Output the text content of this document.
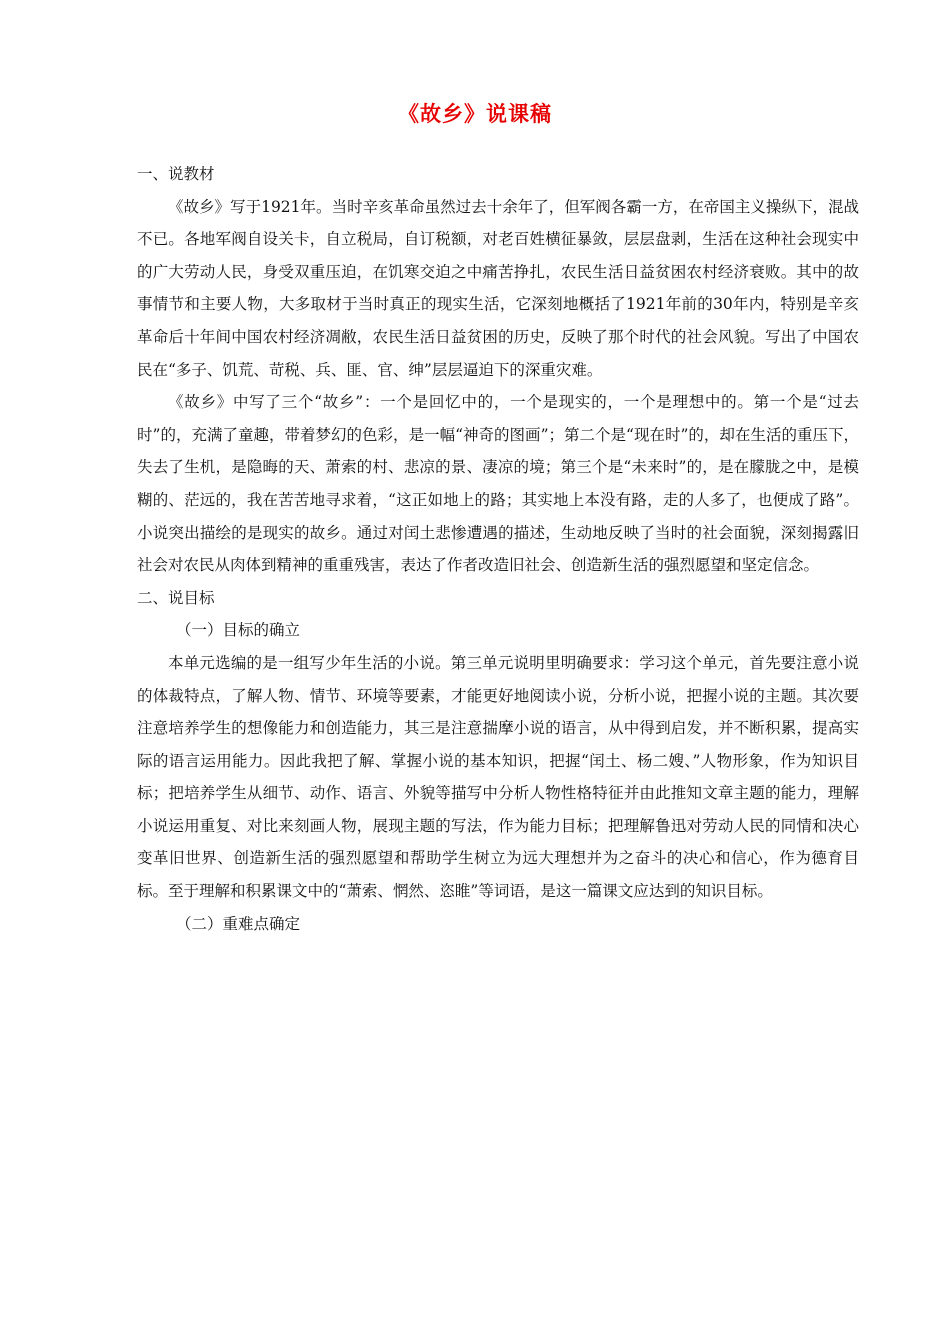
《故乡》说课稿

一、说教材

《故乡》写于1921年。当时辛亥革命虽然过去十余年了，但军阀各霸一方，在帝国主义操纵下，混战不已。各地军阀自设关卡，自立税局，自订税额，对老百姓横征暴敛，层层盘剥，生活在这种社会现实中的广大劳动人民，身受双重压迫，在饥寒交迫之中痛苦挣扎，农民生活日益贫困农村经济衰败。其中的故事情节和主要人物，大多取材于当时真正的现实生活，它深刻地概括了1921年前的30年内，特别是辛亥革命后十年间中国农村经济凋敝，农民生活日益贫困的历史，反映了那个时代的社会风貌。写出了中国农民在“多子、饥荒、苛税、兵、匪、官、绅”层层逼迫下的深重灾难。

《故乡》中写了三个“故乡”：一个是回忆中的，一个是现实的，一个是理想中的。第一个是“过去时”的，充满了童趣，带着梦幻的色彩，是一幅“神奇的图画”；第二个是“现在时”的，却在生活的重压下，失去了生机，是隐晦的天、萧索的村、悲凉的景、凄凉的境；第三个是“未来时”的，是在朦胧之中，是模糊的、茫远的，我在苦苦地寻求着，“这正如地上的路；其实地上本没有路，走的人多了，也便成了路”。小说突出描绘的是现实的故乡。通过对闰土悲惨遭遇的描述，生动地反映了当时的社会面貌，深刻揭露旧社会对农民从肉体到精神的重重残害，表达了作者改造旧社会、创造新生活的强烈愿望和坚定信念。

二、说目标

（一）目标的确立

本单元选编的是一组写少年生活的小说。第三单元说明里明确要求：学习这个单元，首先要注意小说的体裁特点，了解人物、情节、环境等要素，才能更好地阅读小说，分析小说，把握小说的主题。其次要注意培养学生的想像能力和创造能力，其三是注意揣摩小说的语言，从中得到启发，并不断积累，提高实际的语言运用能力。因此我把了解、掌握小说的基本知识，把握“闰土、杨二嫂、”人物形象，作为知识目标；把培养学生从细节、动作、语言、外貌等描写中分析人物性格特征并由此推知文章主题的能力，理解小说运用重复、对比来刻画人物，展现主题的写法，作为能力目标；把理解鲁迅对劳动人民的同情和决心变革旧世界、创造新生活的强烈愿望和帮助学生树立为远大理想并为之奋斗的决心和信心，作为德育目标。至于理解和积累课文中的“萧索、惘然、恣睢”等词语，是这一篇课文应达到的知识目标。

（二）重难点确定
